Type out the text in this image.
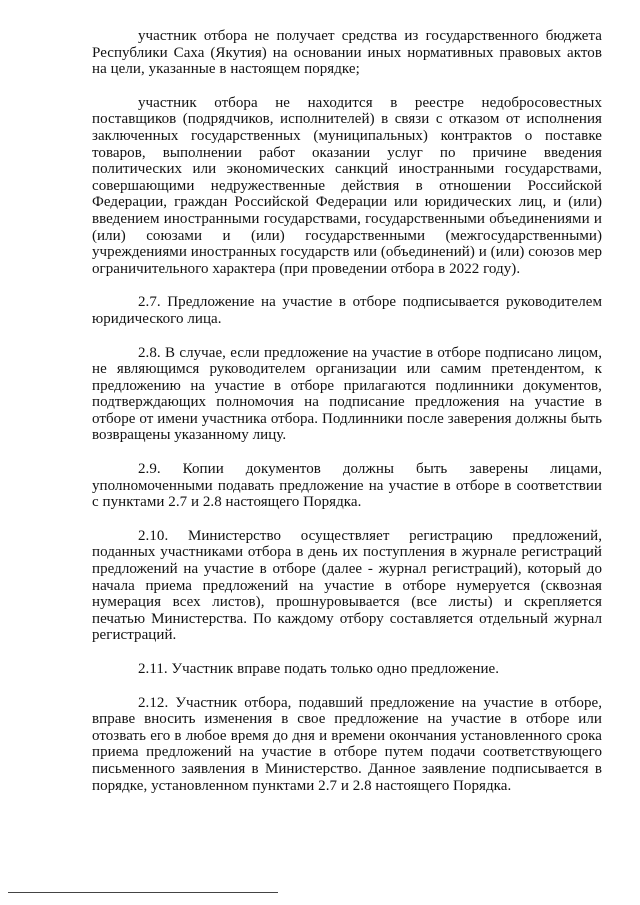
участник отбора не получает средства из государственного бюджета Республики Саха (Якутия) на основании иных нормативных правовых актов на цели, указанные в настоящем порядке;

участник отбора не находится в реестре недобросовестных поставщиков (подрядчиков, исполнителей) в связи с отказом от исполнения заключенных государственных (муниципальных) контрактов о поставке товаров, выполнении работ оказании услуг по причине введения политических или экономических санкций иностранными государствами, совершающими недружественные действия в отношении Российской Федерации, граждан Российской Федерации или юридических лиц, и (или) введением иностранными государствами, государственными объединениями и (или) союзами и (или) государственными (межгосударственными) учреждениями иностранных государств или (объединений) и (или) союзов мер ограничительного характера (при проведении отбора в 2022 году).

2.7. Предложение на участие в отборе подписывается руководителем юридического лица.

2.8. В случае, если предложение на участие в отборе подписано лицом, не являющимся руководителем организации или самим претендентом, к предложению на участие в отборе прилагаются подлинники документов, подтверждающих полномочия на подписание предложения на участие в отборе от имени участника отбора. Подлинники после заверения должны быть возвращены указанному лицу.

2.9. Копии документов должны быть заверены лицами, уполномоченными подавать предложение на участие в отборе в соответствии с пунктами 2.7 и 2.8 настоящего Порядка.

2.10. Министерство осуществляет регистрацию предложений, поданных участниками отбора в день их поступления в журнале регистраций предложений на участие в отборе (далее - журнал регистраций), который до начала приема предложений на участие в отборе нумеруется (сквозная нумерация всех листов), прошнуровывается (все листы) и скрепляется печатью Министерства. По каждому отбору составляется отдельный журнал регистраций.

2.11. Участник вправе подать только одно предложение.

2.12. Участник отбора, подавший предложение на участие в отборе, вправе вносить изменения в свое предложение на участие в отборе или отозвать его в любое время до дня и времени окончания установленного срока приема предложений на участие в отборе путем подачи соответствующего письменного заявления в Министерство. Данное заявление подписывается в порядке, установленном пунктами 2.7 и 2.8 настоящего Порядка.
